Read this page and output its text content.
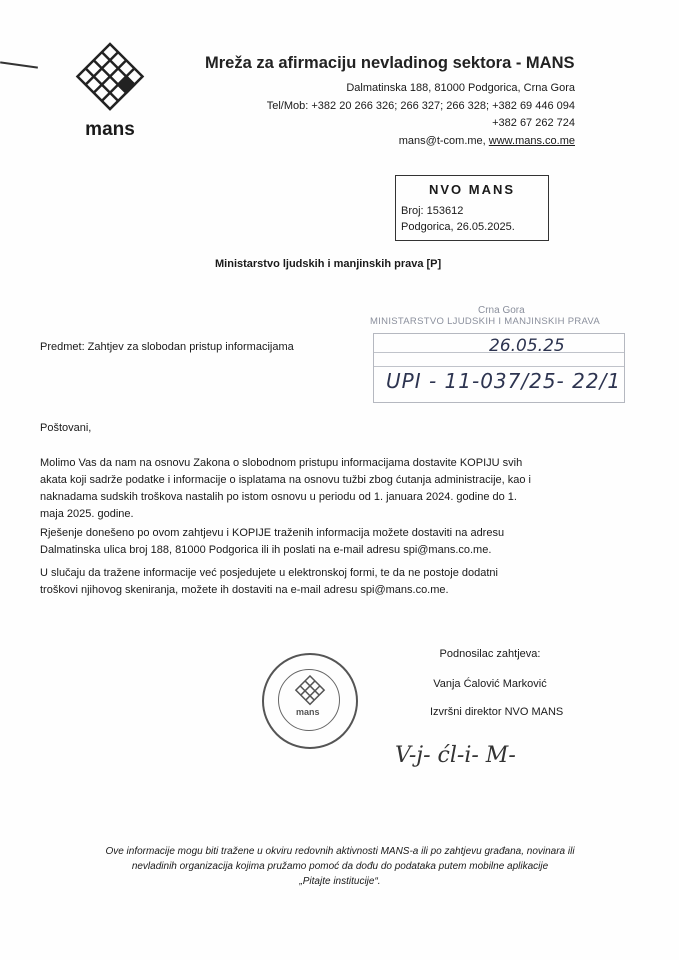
mans
Mreža za afirmaciju nevladinog sektora - MANS
Dalmatinska 188, 81000 Podgorica, Crna Gora
Tel/Mob: +382 20 266 326; 266 327; 266 328; +382 69 446 094
+382 67 262 724
mans@t-com.me, www.mans.co.me
NVO MANS
Broj: 153612
Podgorica, 26.05.2025.
Ministarstvo ljudskih i manjinskih prava [P]
Crna Gora
MINISTARSTVO LJUDSKIH I MANJINSKIH PRAVA
26.05.25
UPI - 11-037/25- 22/1
Predmet: Zahtjev za slobodan pristup informacijama
Poštovani,
Molimo Vas da nam na osnovu Zakona o slobodnom pristupu informacijama dostavite KOPIJU svih
akata koji sadrže podatke i informacije o isplatama na osnovu tužbi zbog ćutanja administracije, kao i
naknadama sudskih troškova nastalih po istom osnovu u periodu od 1. januara 2024. godine do 1.
maja 2025. godine.
Rješenje donešeno po ovom zahtjevu i KOPIJE traženih informacija možete dostaviti na adresu
Dalmatinska ulica broj 188, 81000 Podgorica ili ih poslati na e-mail adresu spi@mans.co.me.
U slučaju da tražene informacije već posjedujete u elektronskoj formi, te da ne postoje dodatni
troškovi njihovog skeniranja, možete ih dostaviti na e-mail adresu spi@mans.co.me.
mans
Podnosilac zahtjeva:
Vanja Ćalović Marković
Izvršni direktor NVO MANS
V-j- ćl-i- M-
Ove informacije mogu biti tražene u okviru redovnih aktivnosti MANS-a ili po zahtjevu građana, novinara ili
nevladinih organizacija kojima pružamo pomoć da dođu do podataka putem mobilne aplikacije
„Pitajte institucije“.
